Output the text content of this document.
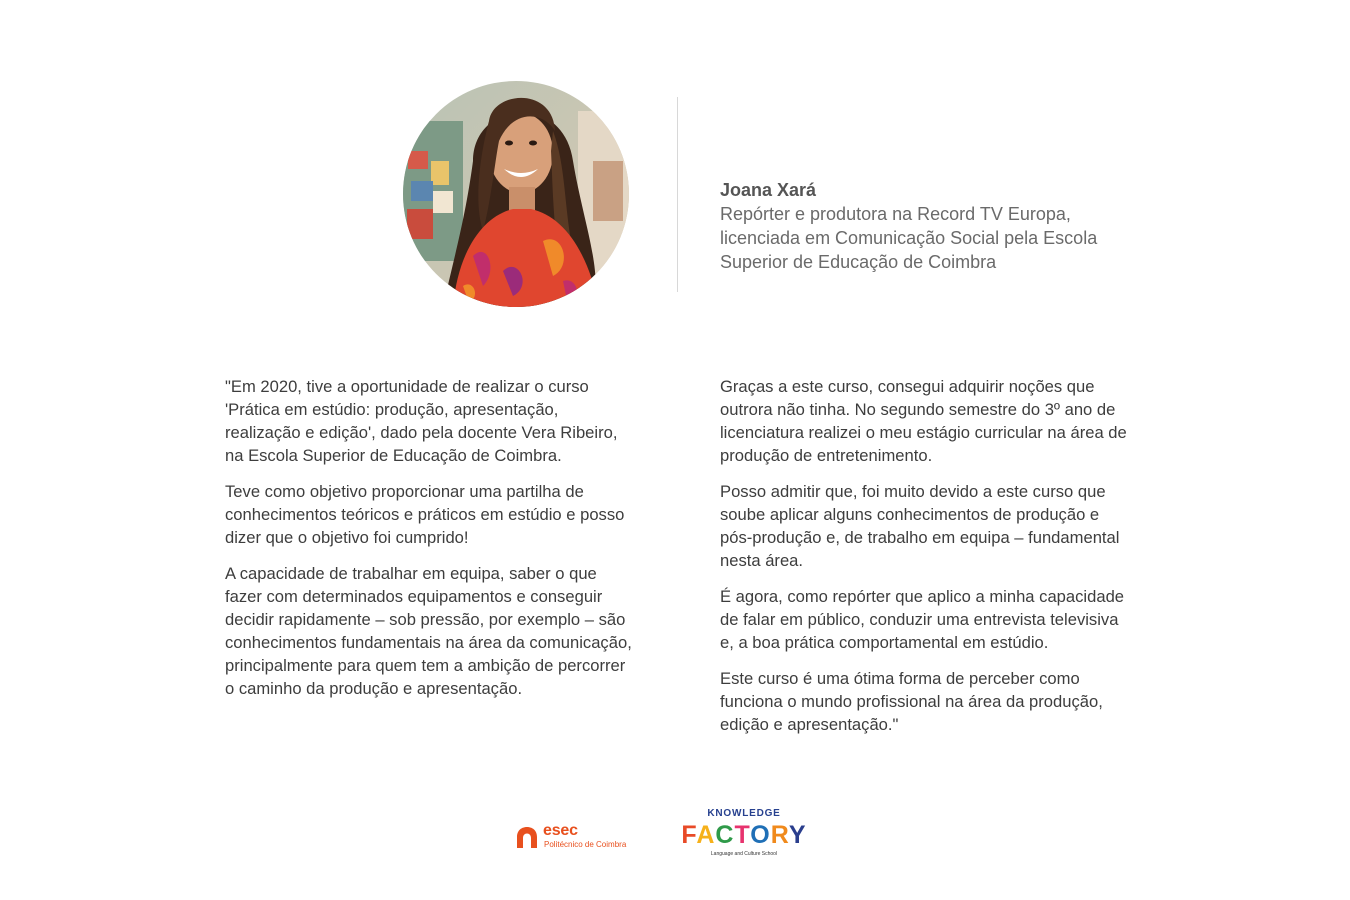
Joana Xará
Repórter e produtora na Record TV Europa, licenciada em Comunicação Social pela Escola Superior de Educação de Coimbra

"Em 2020, tive a oportunidade de realizar o curso 'Prática em estúdio: produção, apresentação, realização e edição', dado pela docente Vera Ribeiro, na Escola Superior de Educação de Coimbra.

Teve como objetivo proporcionar uma partilha de conhecimentos teóricos e práticos em estúdio e posso dizer que o objetivo foi cumprido!

A capacidade de trabalhar em equipa, saber o que fazer com determinados equipamentos e conseguir decidir rapidamente – sob pressão, por exemplo – são conhecimentos fundamentais na área da comunicação, principalmente para quem tem a ambição de percorrer o caminho da produção e apresentação.

Graças a este curso, consegui adquirir noções que outrora não tinha. No segundo semestre do 3º ano de licenciatura realizei o meu estágio curricular na área de produção de entretenimento.

Posso admitir que, foi muito devido a este curso que soube aplicar alguns conhecimentos de produção e pós-produção e, de trabalho em equipa – fundamental nesta área.

É agora, como repórter que aplico a minha capacidade de falar em público, conduzir uma entrevista televisiva e, a boa prática comportamental em estúdio.

Este curso é uma ótima forma de perceber como funciona o mundo profissional na área da produção, edição e apresentação."

esec
Politécnico de Coimbra
KNOWLEDGE
FACTORY
Language and Culture School
